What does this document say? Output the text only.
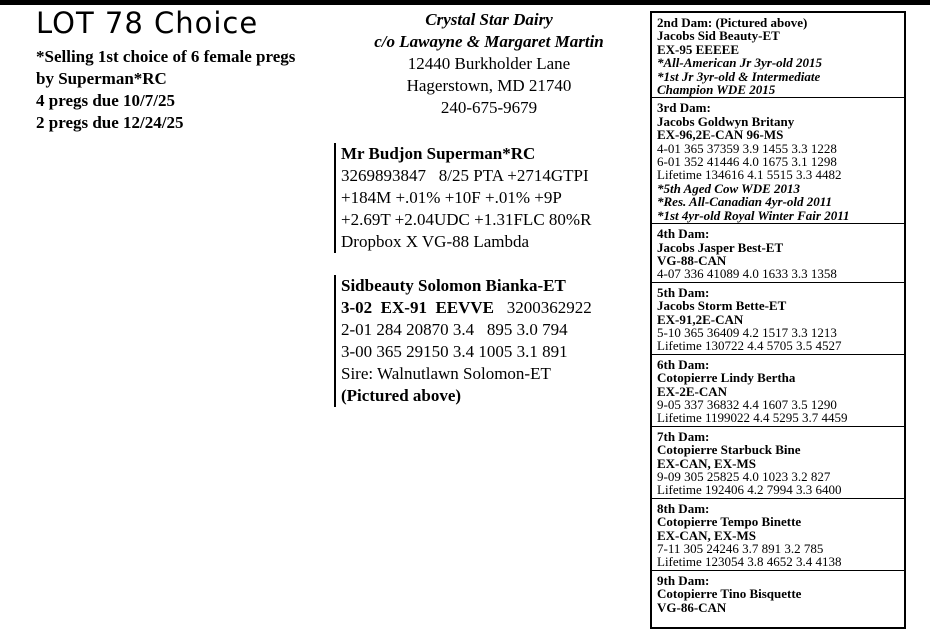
LOT 78 Choice
*Selling 1st choice of 6 female pregs
by Superman*RC
4 pregs due 10/7/25
2 pregs due 12/24/25
Crystal Star Dairy
c/o Lawayne & Margaret Martin
12440 Burkholder Lane
Hagerstown, MD 21740
240-675-9679
Mr Budjon Superman*RC
3269893847   8/25 PTA +2714GTPI
+184M +.01% +10F +.01% +9P
+2.69T +2.04UDC +1.31FLC 80%R
Dropbox X VG-88 Lambda
Sidbeauty Solomon Bianka-ET
3-02  EX-91  EEVVE 3200362922
2-01 284 20870 3.4   895 3.0 794
3-00 365 29150 3.4 1005 3.1 891
Sire: Walnutlawn Solomon-ET
(Pictured above)
2nd Dam: (Pictured above)
Jacobs Sid Beauty-ET
EX-95 EEEEE
*All-American Jr 3yr-old 2015
*1st Jr 3yr-old & Intermediate
Champion WDE 2015
3rd Dam:
Jacobs Goldwyn Britany
EX-96,2E-CAN 96-MS
4-01 365 37359 3.9 1455 3.3 1228
6-01 352 41446 4.0 1675 3.1 1298
Lifetime 134616 4.1 5515 3.3 4482
*5th Aged Cow WDE 2013
*Res. All-Canadian 4yr-old 2011
*1st 4yr-old Royal Winter Fair 2011
4th Dam:
Jacobs Jasper Best-ET
VG-88-CAN
4-07 336 41089 4.0 1633 3.3 1358
5th Dam:
Jacobs Storm Bette-ET
EX-91,2E-CAN
5-10 365 36409 4.2 1517 3.3 1213
Lifetime 130722 4.4 5705 3.5 4527
6th Dam:
Cotopierre Lindy Bertha
EX-2E-CAN
9-05 337 36832 4.4 1607 3.5 1290
Lifetime 1199022 4.4 5295 3.7 4459
7th Dam:
Cotopierre Starbuck Bine
EX-CAN, EX-MS
9-09 305 25825 4.0 1023 3.2 827
Lifetime 192406 4.2 7994 3.3 6400
8th Dam:
Cotopierre Tempo Binette
EX-CAN, EX-MS
7-11 305 24246 3.7 891 3.2 785
Lifetime 123054 3.8 4652 3.4 4138
9th Dam:
Cotopierre Tino Bisquette
VG-86-CAN
